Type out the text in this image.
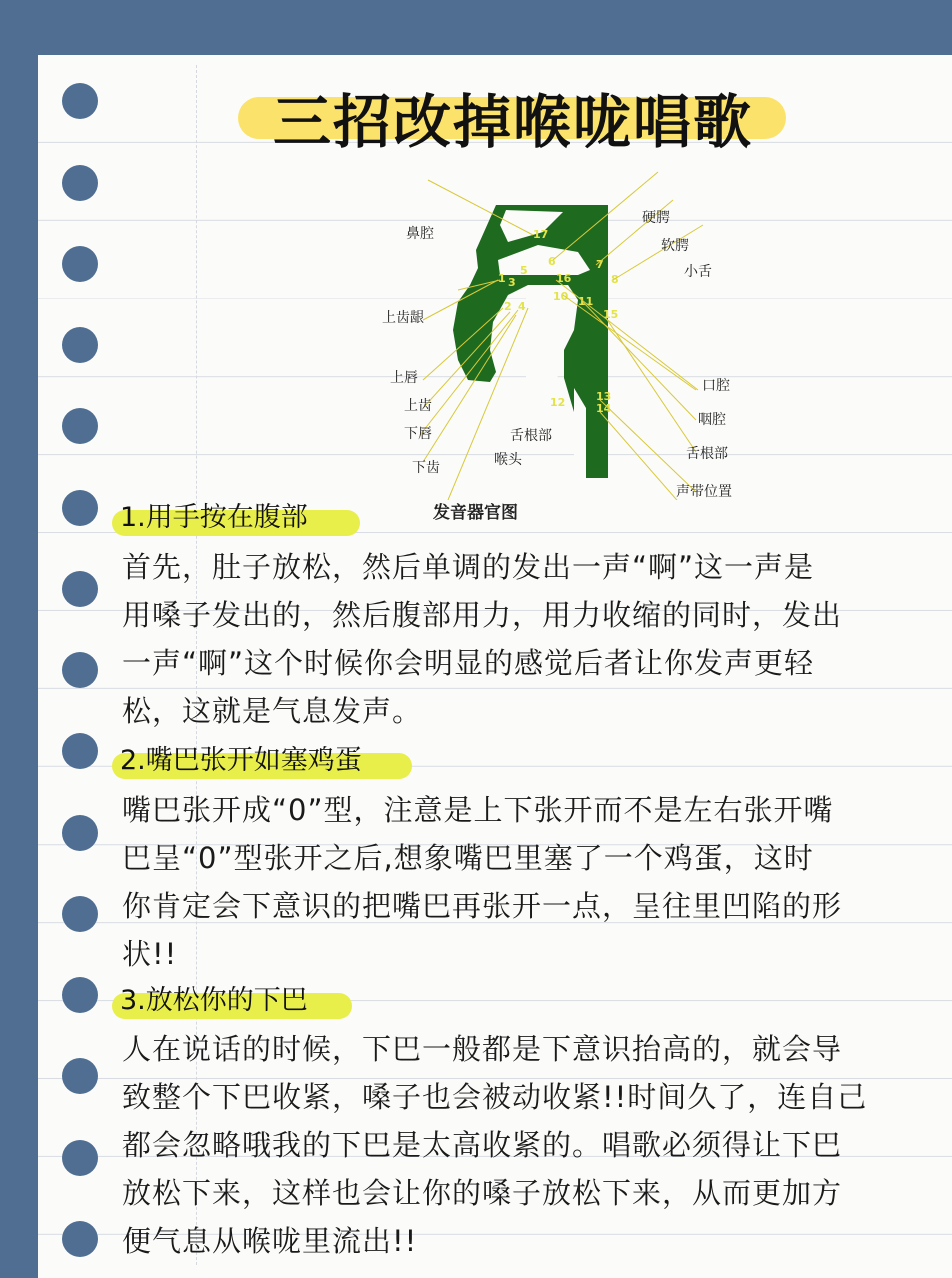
三招改掉喉咙唱歌
17
6	7
8
1 3
5
16
2 4
10 11
15
12	13
14
鼻腔
硬腭
软腭
小舌
上齿龈
上唇
上齿
下唇
下齿
舌根部
喉头
口腔
咽腔
舌根部
声带位置
发音器官图
1.用手按在腹部
首先，肚子放松，然后单调的发出一声“啊”这一声是
用嗓子发出的，然后腹部用力，用力收缩的同时，发出
一声“啊”这个时候你会明显的感觉后者让你发声更轻
松，这就是气息发声。
2.嘴巴张开如塞鸡蛋
嘴巴张开成“0”型，注意是上下张开而不是左右张开嘴
巴呈“0”型张开之后,想象嘴巴里塞了一个鸡蛋，这时
你肯定会下意识的把嘴巴再张开一点，呈往里凹陷的形
状!!
3.放松你的下巴
人在说话的时候，下巴一般都是下意识抬高的，就会导
致整个下巴收紧，嗓子也会被动收紧!!时间久了，连自己
都会忽略哦我的下巴是太高收紧的。唱歌必须得让下巴
放松下来，这样也会让你的嗓子放松下来，从而更加方
便气息从喉咙里流出!!
